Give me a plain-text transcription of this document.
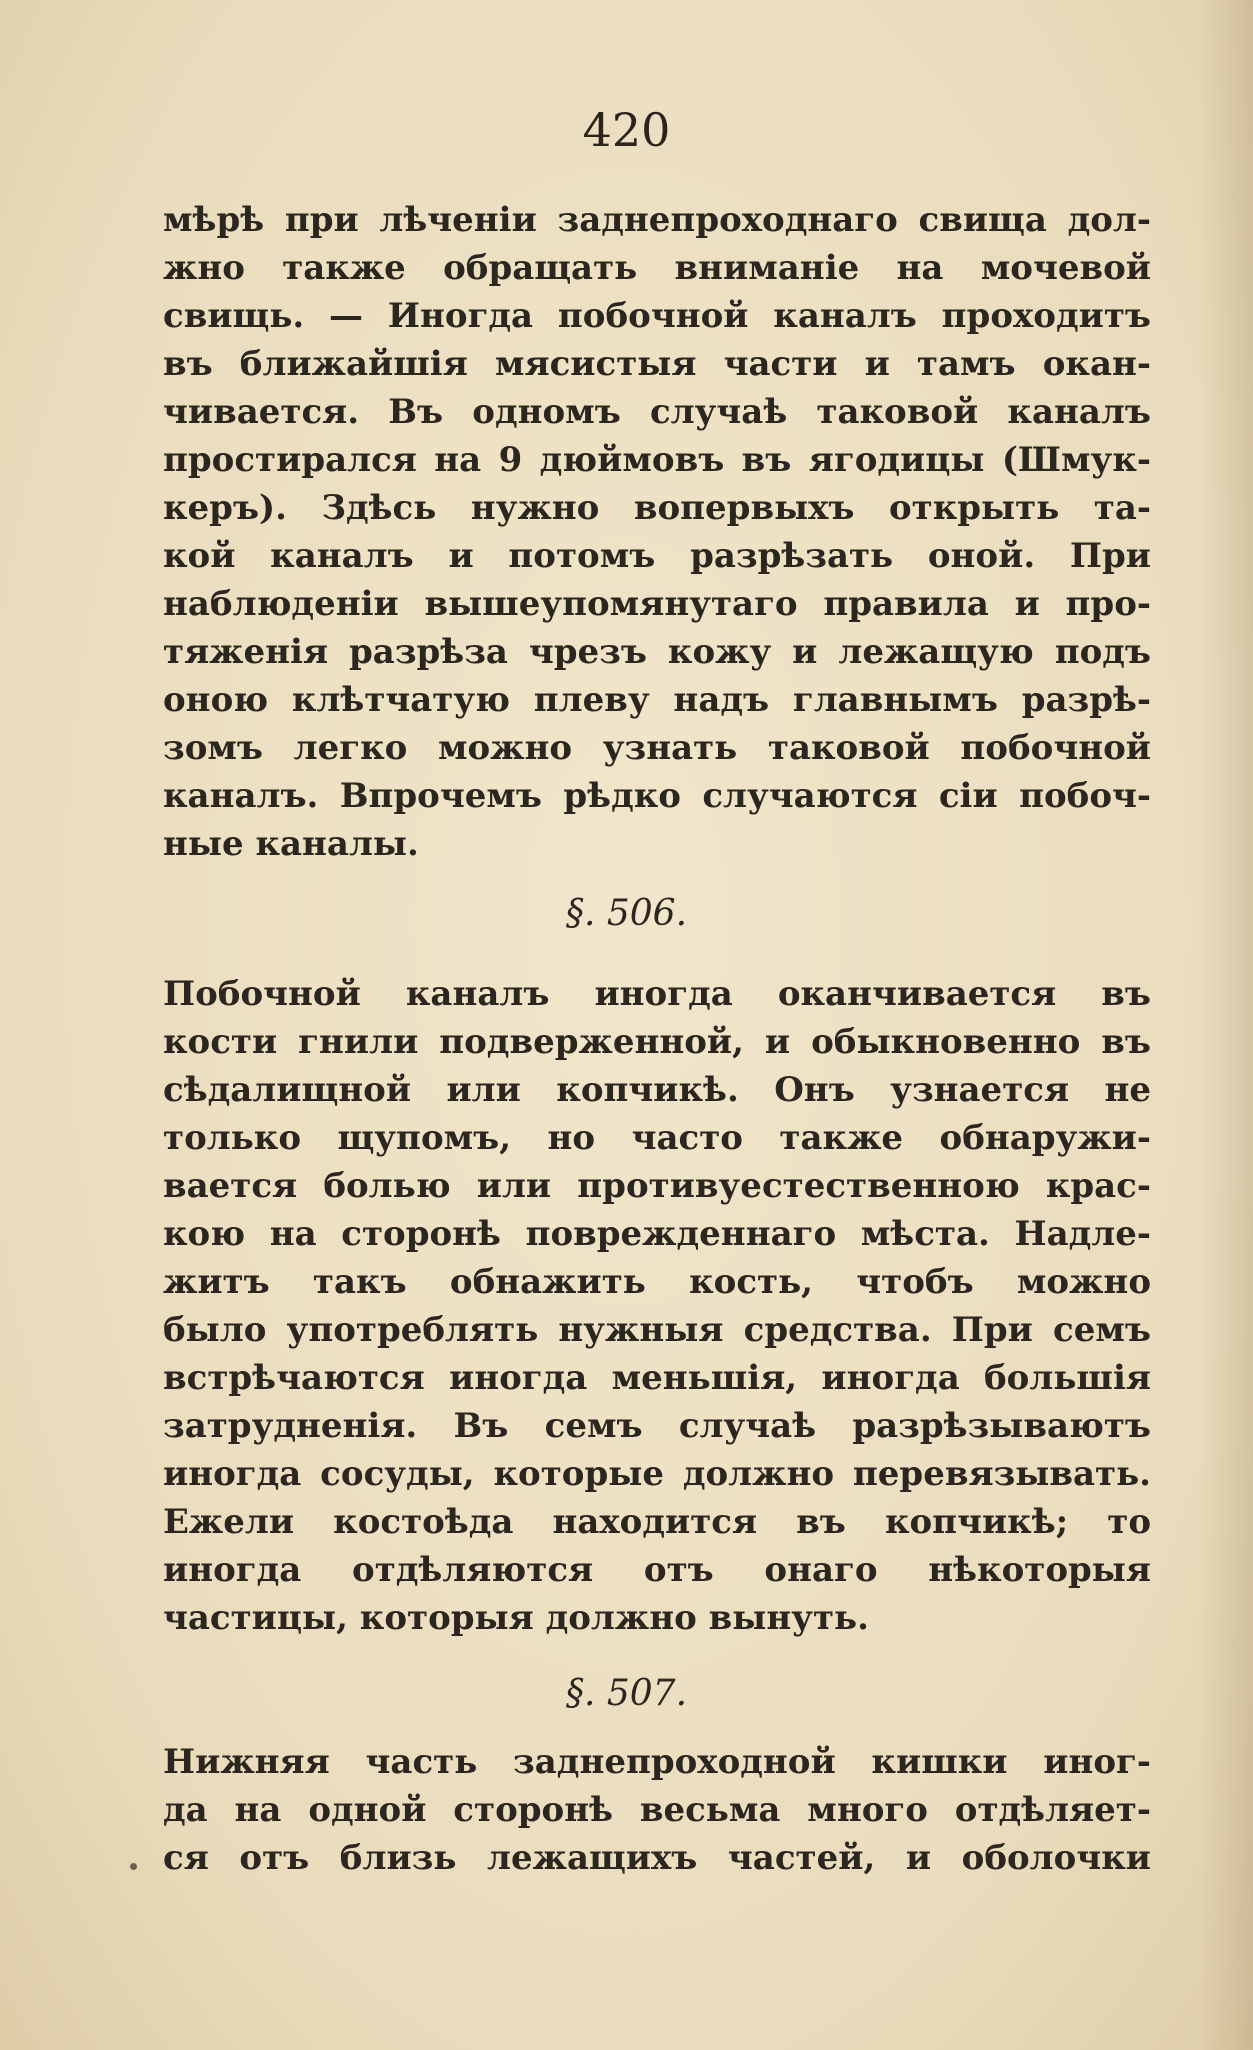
420
мѣрѣ при лѣченіи заднепроходнаго свища дол-
жно также обращать вниманіе на мочевой
свищь. — Иногда побочной каналъ проходитъ
въ ближайшія мясистыя части и тамъ окан-
чивается. Въ одномъ случаѣ таковой каналъ
простирался на 9 дюймовъ въ ягодицы (Шмук-
керъ). Здѣсь нужно вопервыхъ открыть та-
кой каналъ и потомъ разрѣзать оной. При
наблюденіи вышеупомянутаго правила и про-
тяженія разрѣза чрезъ кожу и лежащую подъ
оною клѣтчатую плеву надъ главнымъ разрѣ-
зомъ легко можно узнать таковой побочной
каналъ. Впрочемъ рѣдко случаются сіи побоч-
ные каналы.
§. 506.
Побочной каналъ иногда оканчивается въ
кости гнили подверженной, и обыкновенно въ
сѣдалищной или копчикѣ. Онъ узнается не
только щупомъ, но часто также обнаружи-
вается болью или противуестественною крас-
кою на сторонѣ поврежденнаго мѣста. Надле-
житъ такъ обнажить кость, чтобъ можно
было употреблять нужныя средства. При семъ
встрѣчаются иногда меньшія, иногда большія
затрудненія. Въ семъ случаѣ разрѣзываютъ
иногда сосуды, которые должно перевязывать.
Ежели костоѣда находится въ копчикѣ; то
иногда отдѣляются отъ онаго нѣкоторыя
частицы, которыя должно вынуть.
§. 507.
Нижняя часть заднепроходной кишки иног-
да на одной сторонѣ весьма много отдѣляет-
ся отъ близь лежащихъ частей, и оболочки
